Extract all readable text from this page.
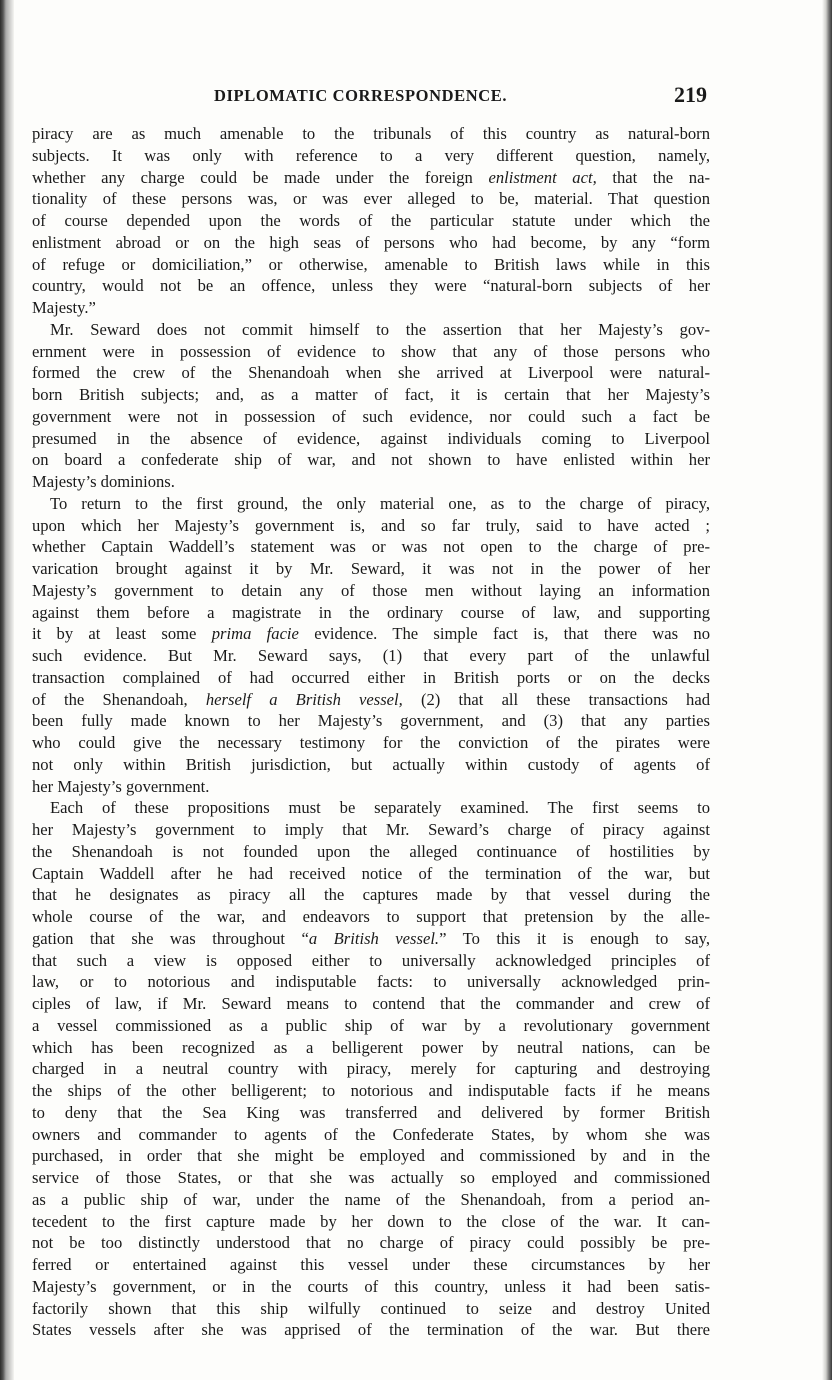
DIPLOMATIC CORRESPONDENCE.	219
piracy are as much amenable to the tribunals of this country as natural-born
subjects. It was only with reference to a very different question, namely,
whether any charge could be made under the foreign enlistment act, that the na-
tionality of these persons was, or was ever alleged to be, material. That question
of course depended upon the words of the particular statute under which the
enlistment abroad or on the high seas of persons who had become, by any “form
of refuge or domiciliation,” or otherwise, amenable to British laws while in this
country, would not be an offence, unless they were “natural-born subjects of her
Majesty.”
Mr. Seward does not commit himself to the assertion that her Majesty’s gov-
ernment were in possession of evidence to show that any of those persons who
formed the crew of the Shenandoah when she arrived at Liverpool were natural-
born British subjects; and, as a matter of fact, it is certain that her Majesty’s
government were not in possession of such evidence, nor could such a fact be
presumed in the absence of evidence, against individuals coming to Liverpool
on board a confederate ship of war, and not shown to have enlisted within her
Majesty’s dominions.
To return to the first ground, the only material one, as to the charge of piracy,
upon which her Majesty’s government is, and so far truly, said to have acted ;
whether Captain Waddell’s statement was or was not open to the charge of pre-
varication brought against it by Mr. Seward, it was not in the power of her
Majesty’s government to detain any of those men without laying an information
against them before a magistrate in the ordinary course of law, and supporting
it by at least some prima facie evidence. The simple fact is, that there was no
such evidence. But Mr. Seward says, (1) that every part of the unlawful
transaction complained of had occurred either in British ports or on the decks
of the Shenandoah, herself a British vessel, (2) that all these transactions had
been fully made known to her Majesty’s government, and (3) that any parties
who could give the necessary testimony for the conviction of the pirates were
not only within British jurisdiction, but actually within custody of agents of
her Majesty’s government.
Each of these propositions must be separately examined. The first seems to
her Majesty’s government to imply that Mr. Seward’s charge of piracy against
the Shenandoah is not founded upon the alleged continuance of hostilities by
Captain Waddell after he had received notice of the termination of the war, but
that he designates as piracy all the captures made by that vessel during the
whole course of the war, and endeavors to support that pretension by the alle-
gation that she was throughout “a British vessel.” To this it is enough to say,
that such a view is opposed either to universally acknowledged principles of
law, or to notorious and indisputable facts: to universally acknowledged prin-
ciples of law, if Mr. Seward means to contend that the commander and crew of
a vessel commissioned as a public ship of war by a revolutionary government
which has been recognized as a belligerent power by neutral nations, can be
charged in a neutral country with piracy, merely for capturing and destroying
the ships of the other belligerent; to notorious and indisputable facts if he means
to deny that the Sea King was transferred and delivered by former British
owners and commander to agents of the Confederate States, by whom she was
purchased, in order that she might be employed and commissioned by and in the
service of those States, or that she was actually so employed and commissioned
as a public ship of war, under the name of the Shenandoah, from a period an-
tecedent to the first capture made by her down to the close of the war. It can-
not be too distinctly understood that no charge of piracy could possibly be pre-
ferred or entertained against this vessel under these circumstances by her
Majesty’s government, or in the courts of this country, unless it had been satis-
factorily shown that this ship wilfully continued to seize and destroy United
States vessels after she was apprised of the termination of the war. But there
